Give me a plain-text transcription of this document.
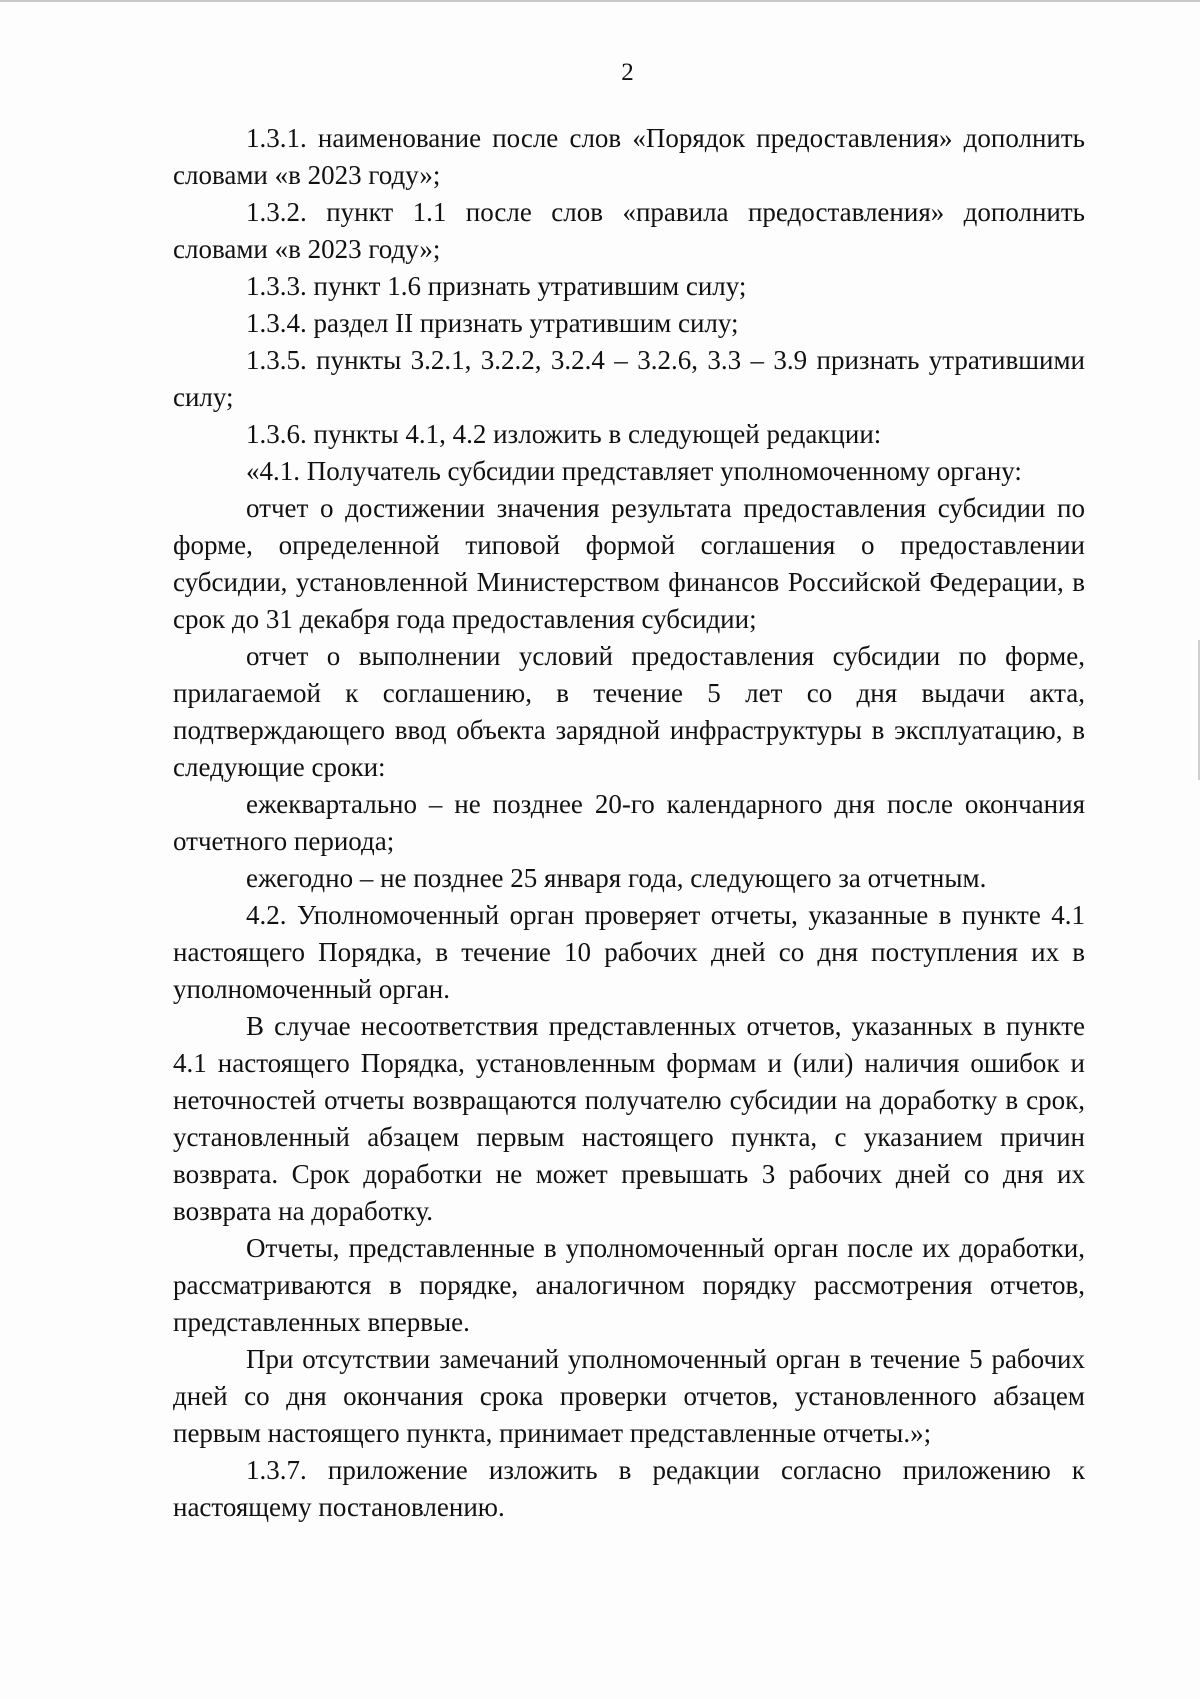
2

1.3.1. наименование после слов «Порядок предоставления» дополнить словами «в 2023 году»;

1.3.2. пункт 1.1 после слов «правила предоставления» дополнить словами «в 2023 году»;

1.3.3. пункт 1.6 признать утратившим силу;

1.3.4. раздел II признать утратившим силу;

1.3.5. пункты 3.2.1, 3.2.2, 3.2.4 – 3.2.6, 3.3 – 3.9 признать утратившими силу;

1.3.6. пункты 4.1, 4.2 изложить в следующей редакции:

«4.1. Получатель субсидии представляет уполномоченному органу:

отчет о достижении значения результата предоставления субсидии по форме, определенной типовой формой соглашения о предоставлении субсидии, установленной Министерством финансов Российской Федерации, в срок до 31 декабря года предоставления субсидии;

отчет о выполнении условий предоставления субсидии по форме, прилагаемой к соглашению, в течение 5 лет со дня выдачи акта, подтверждающего ввод объекта зарядной инфраструктуры в эксплуатацию, в следующие сроки:

ежеквартально – не позднее 20-го календарного дня после окончания отчетного периода;

ежегодно – не позднее 25 января года, следующего за отчетным.

4.2. Уполномоченный орган проверяет отчеты, указанные в пункте 4.1 настоящего Порядка, в течение 10 рабочих дней со дня поступления их в уполномоченный орган.

В случае несоответствия представленных отчетов, указанных в пункте 4.1 настоящего Порядка, установленным формам и (или) наличия ошибок и неточностей отчеты возвращаются получателю субсидии на доработку в срок, установленный абзацем первым настоящего пункта, с указанием причин возврата. Срок доработки не может превышать 3 рабочих дней со дня их возврата на доработку.

Отчеты, представленные в уполномоченный орган после их доработки, рассматриваются в порядке, аналогичном порядку рассмотрения отчетов, представленных впервые.

При отсутствии замечаний уполномоченный орган в течение 5 рабочих дней со дня окончания срока проверки отчетов, установленного абзацем первым настоящего пункта, принимает представленные отчеты.»;

1.3.7. приложение изложить в редакции согласно приложению к настоящему постановлению.
